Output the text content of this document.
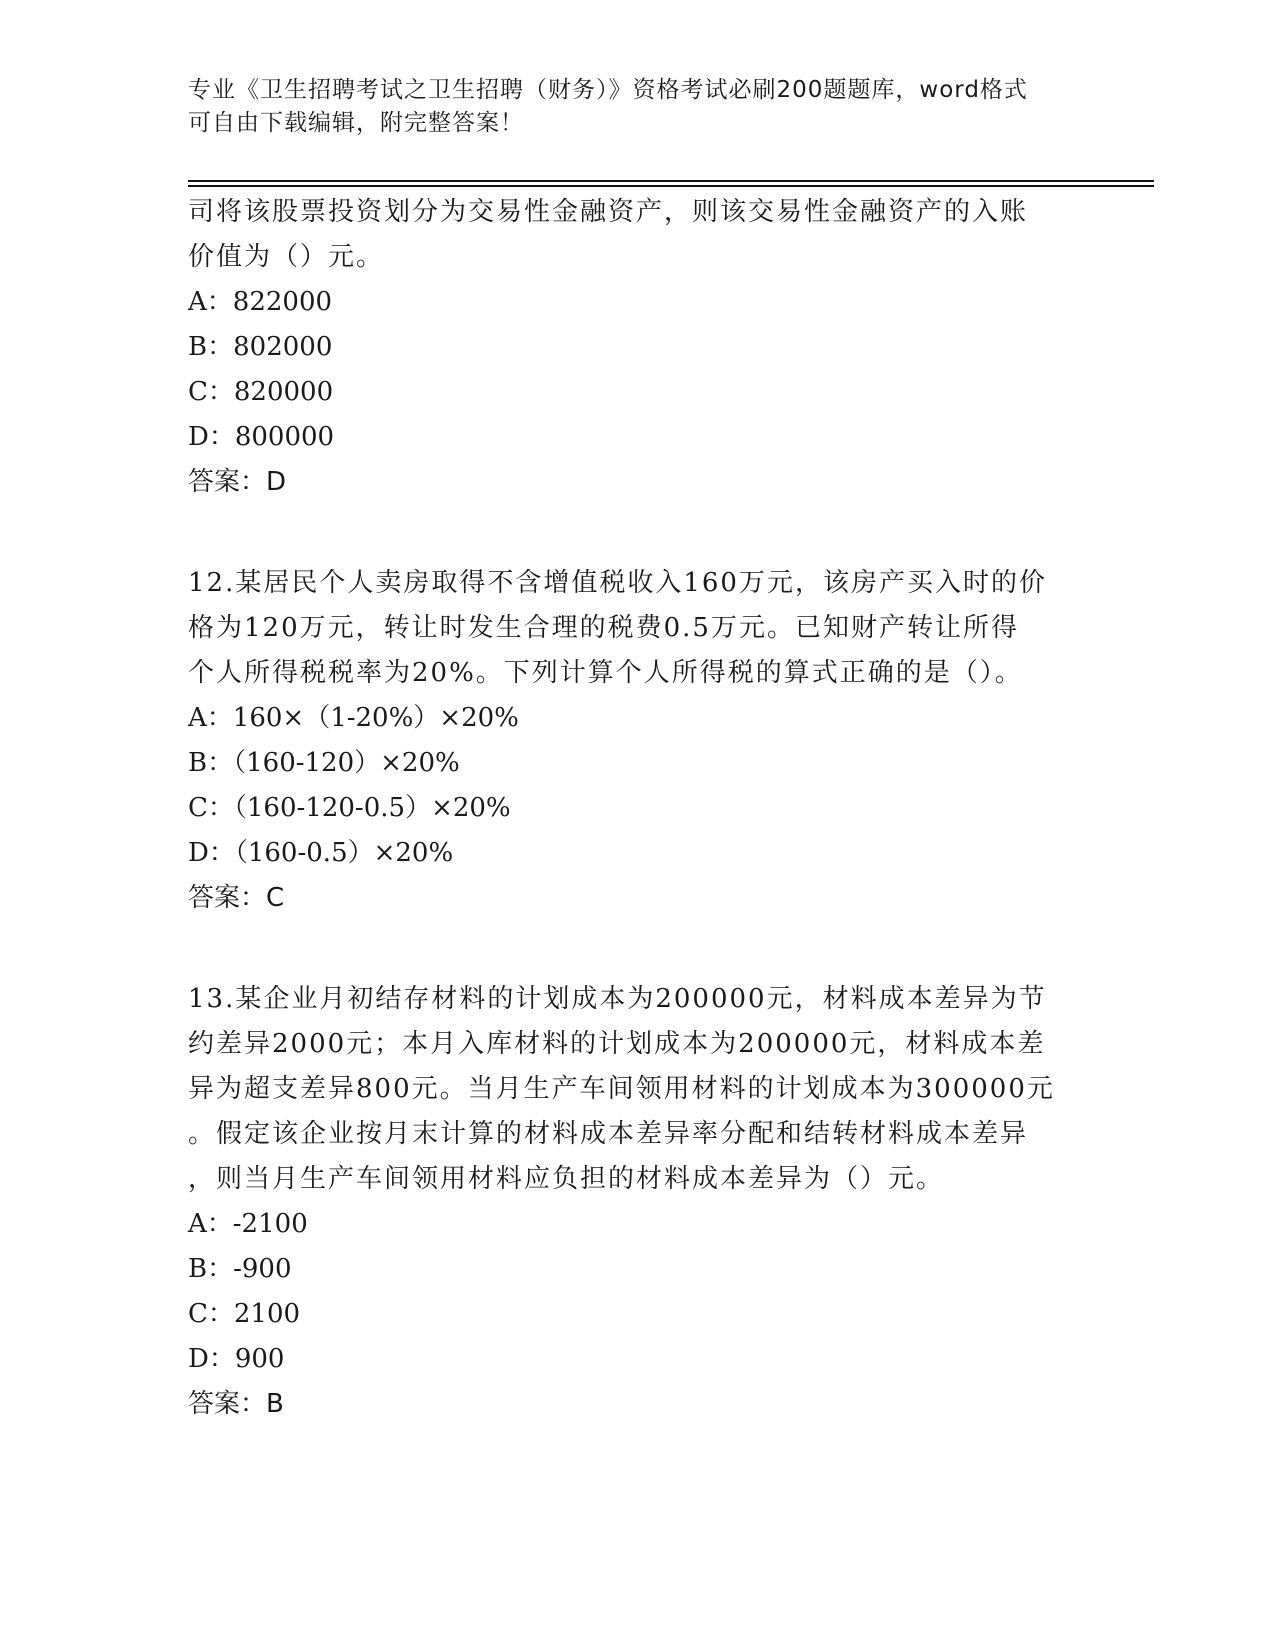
专业《卫生招聘考试之卫生招聘（财务）》资格考试必刷200题题库，word格式
可自由下载编辑，附完整答案！
司将该股票投资划分为交易性金融资产，则该交易性金融资产的入账
价值为（）元。
A：822000
B：802000
C：820000
D：800000
答案：D
12.某居民个人卖房取得不含增值税收入160万元，该房产买入时的价
格为120万元，转让时发生合理的税费0.5万元。已知财产转让所得
个人所得税税率为20%。下列计算个人所得税的算式正确的是（）。
A：160×（1-20%）×20%
B：（160-120）×20%
C：（160-120-0.5）×20%
D：（160-0.5）×20%
答案：C
13.某企业月初结存材料的计划成本为200000元，材料成本差异为节
约差异2000元；本月入库材料的计划成本为200000元，材料成本差
异为超支差异800元。当月生产车间领用材料的计划成本为300000元
。假定该企业按月末计算的材料成本差异率分配和结转材料成本差异
，则当月生产车间领用材料应负担的材料成本差异为（）元。
A：-2100
B：-900
C：2100
D：900
答案：B
